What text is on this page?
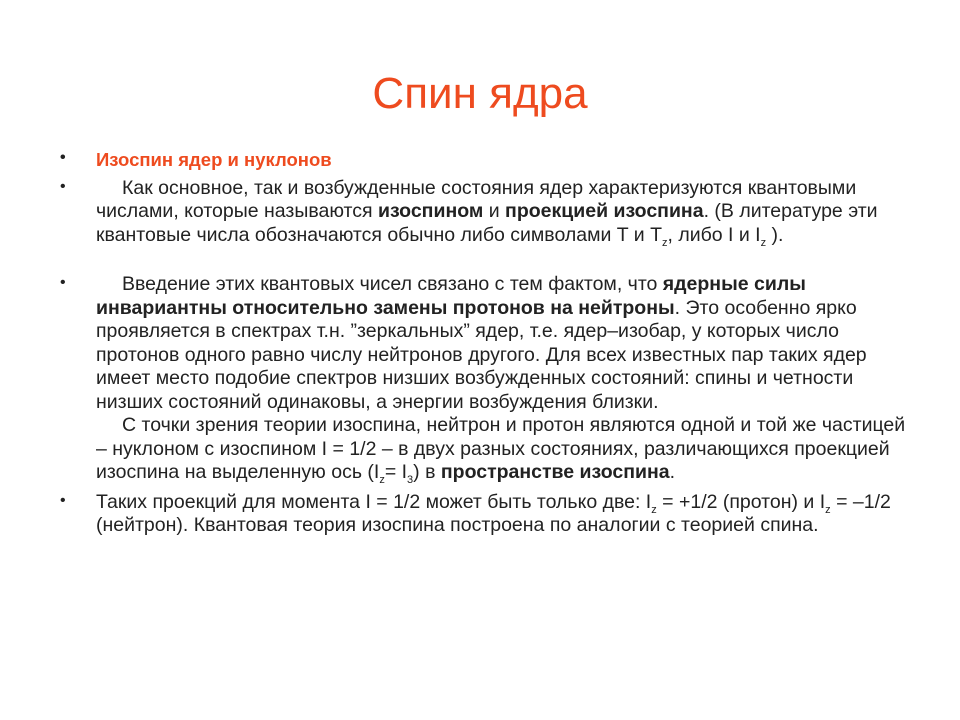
Спин ядра
• Изоспин ядер и нуклонов
•	Как основное, так и возбужденные состояния ядер характеризуются квантовыми числами, которые называются изоспином и проекцией изоспина. (В литературе эти квантовые числа обозначаются обычно либо символами T и $T_z$, либо I и $I_z$ ).
•	Введение этих квантовых чисел связано с тем фактом, что ядерные силы инвариантны относительно замены протонов на нейтроны. Это особенно ярко проявляется в спектрах т.н. ”зеркальных” ядер, т.е. ядер–изобар, у которых число протонов одного равно числу нейтронов другого. Для всех известных пар таких ядер имеет место подобие спектров низших возбужденных состояний: спины и четности низших состояний одинаковы, а энергии возбуждения близки.
С точки зрения теории изоспина, нейтрон и протон являются одной и той же частицей – нуклоном с изоспином I = 1/2 – в двух разных состояниях, различающихся проекцией изоспина на выделенную ось $(I_z= I_3)$ в пространстве изоспина.
• Таких проекций для момента I = 1/2 может быть только две: $I_z = +1/2$ (протон) и $I_z = -1/2$ (нейтрон). Квантовая теория изоспина построена по аналогии с теорией спина.
